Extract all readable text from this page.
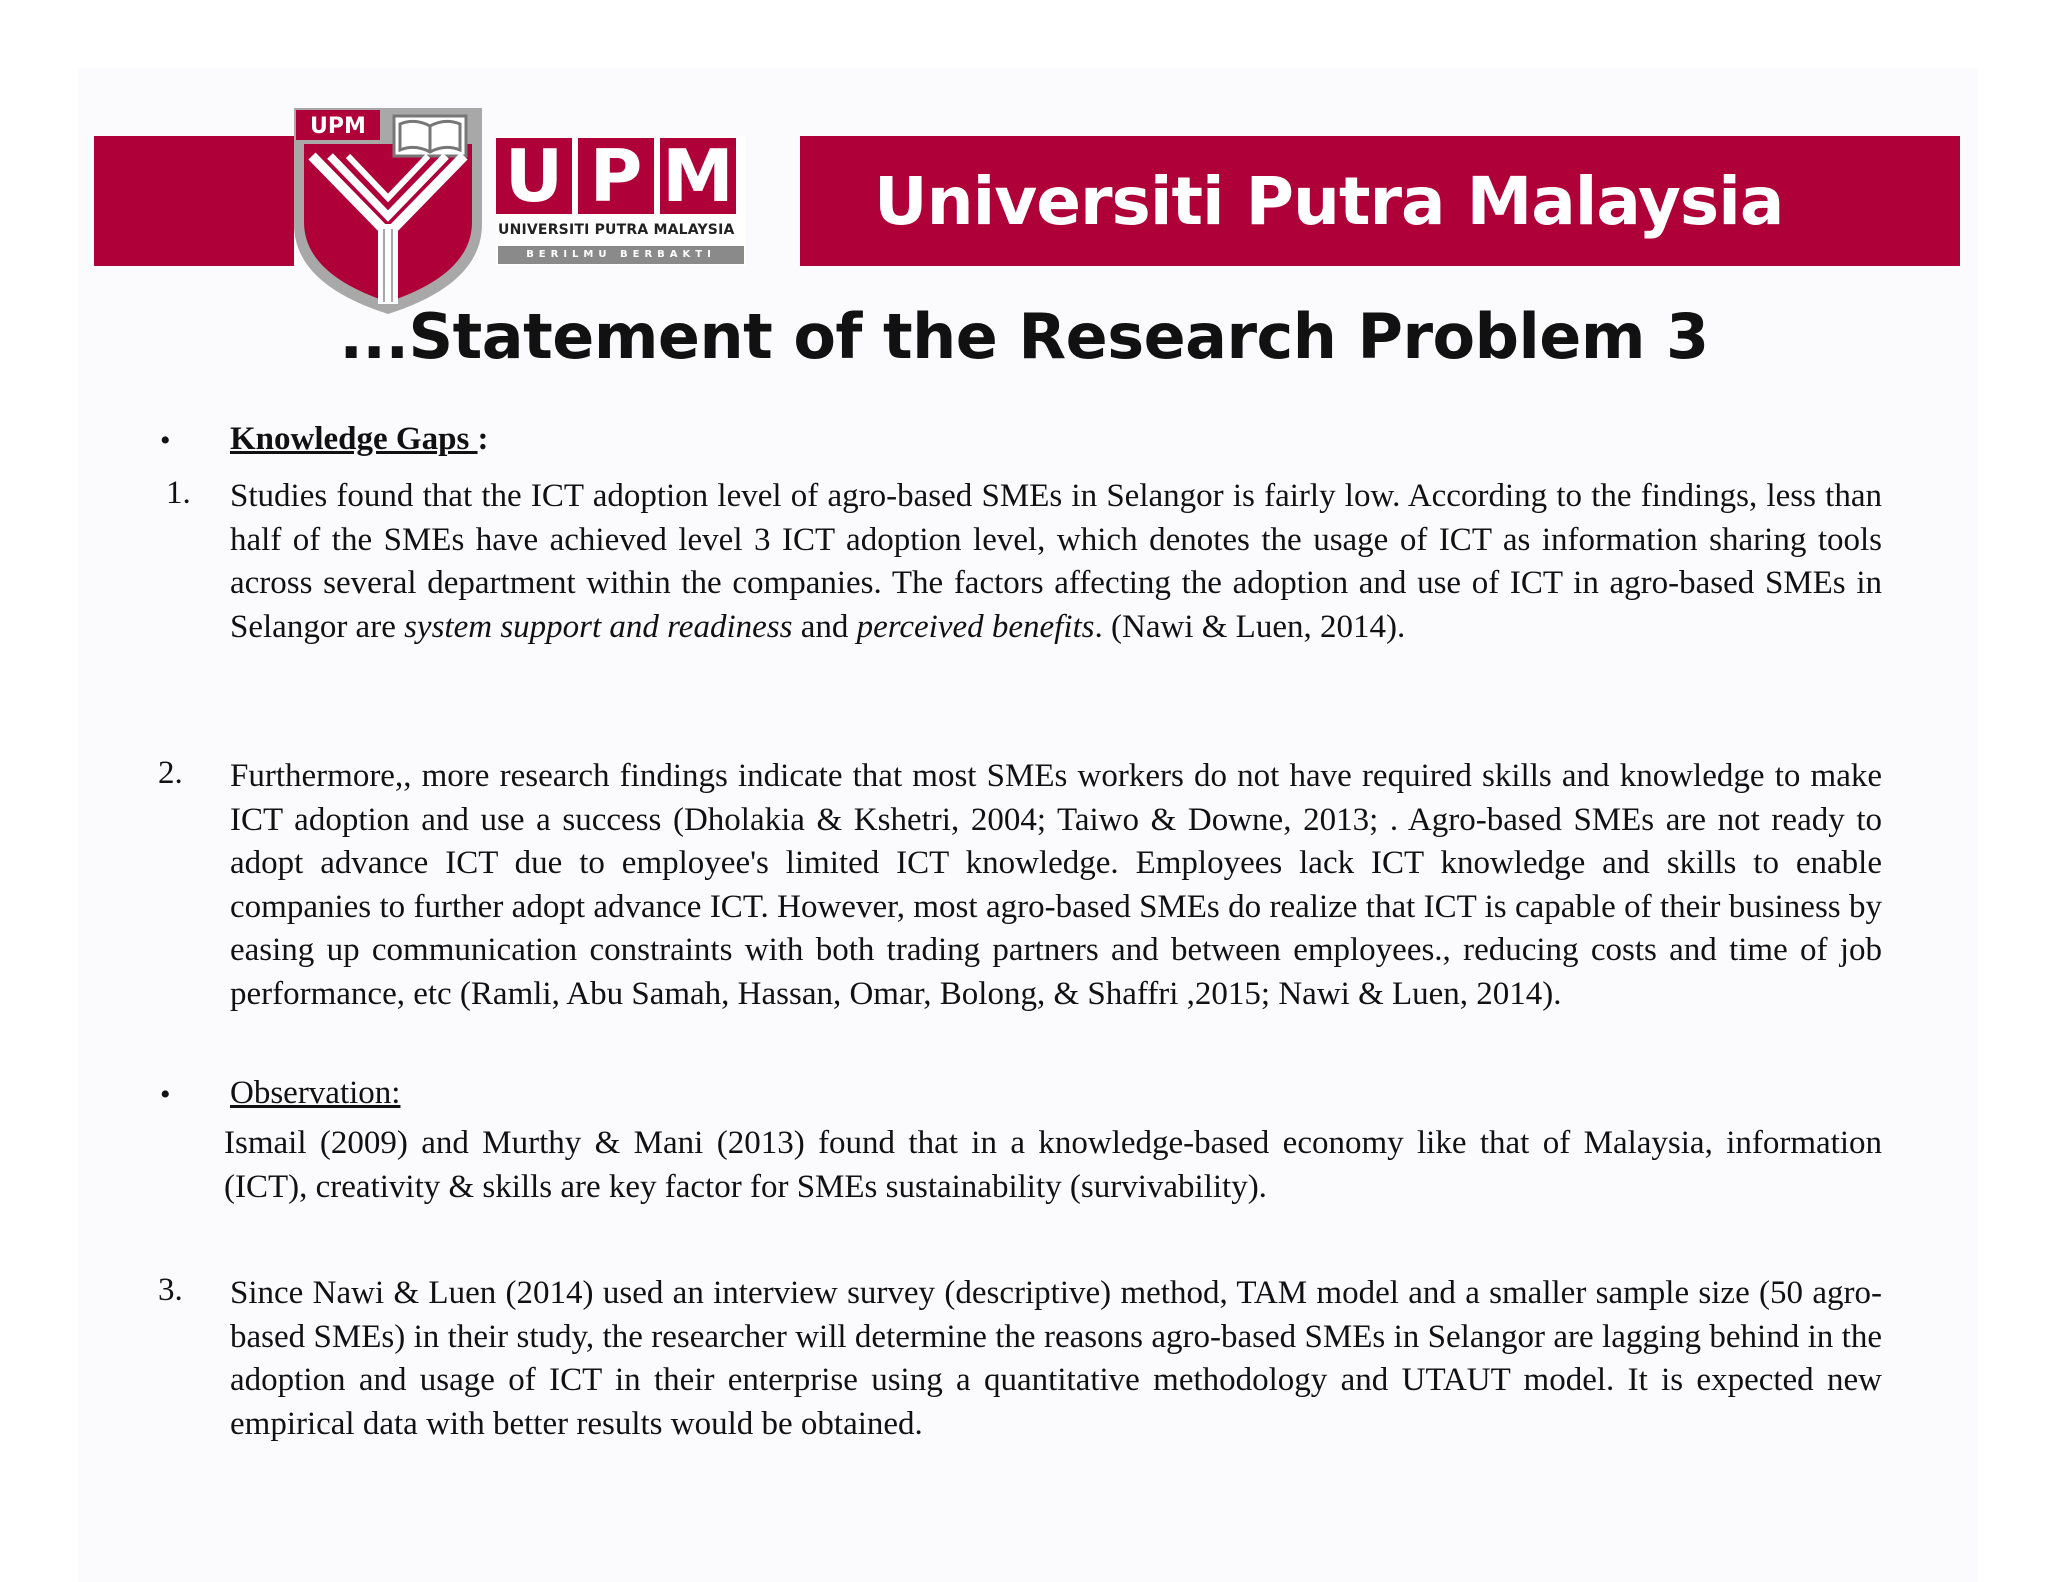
Universiti Putra Malaysia
UPM
U P M
UNIVERSITI PUTRA MALAYSIA
BERILMU BERBAKTI
...Statement of the Research Problem 3
• Knowledge Gaps :
1. Studies found that the ICT adoption level of agro-based SMEs in Selangor is fairly low. According to the findings, less than half of the SMEs have achieved level 3 ICT adoption level, which denotes the usage of ICT as information sharing tools across several department within the companies. The factors affecting the adoption and use of ICT in agro-based SMEs in Selangor are system support and readiness and perceived benefits. (Nawi & Luen, 2014).
2. Furthermore,, more research findings indicate that most SMEs workers do not have required skills and knowledge to make ICT adoption and use a success (Dholakia & Kshetri, 2004; Taiwo & Downe, 2013; . Agro-based SMEs are not ready to adopt advance ICT due to employee's limited ICT knowledge. Employees lack ICT knowledge and skills to enable companies to further adopt advance ICT. However, most agro-based SMEs do realize that ICT is capable of their business by easing up communication constraints with both trading partners and between employees., reducing costs and time of job performance, etc (Ramli, Abu Samah, Hassan, Omar, Bolong, & Shaffri ,2015; Nawi & Luen, 2014).
• Observation:
Ismail (2009) and Murthy & Mani (2013) found that in a knowledge-based economy like that of Malaysia, information (ICT), creativity & skills are key factor for SMEs sustainability (survivability).
3. Since Nawi & Luen (2014) used an interview survey (descriptive) method, TAM model and a smaller sample size (50 agro-based SMEs) in their study, the researcher will determine the reasons agro-based SMEs in Selangor are lagging behind in the adoption and usage of ICT in their enterprise using a quantitative methodology and UTAUT model. It is expected new empirical data with better results would be obtained.
